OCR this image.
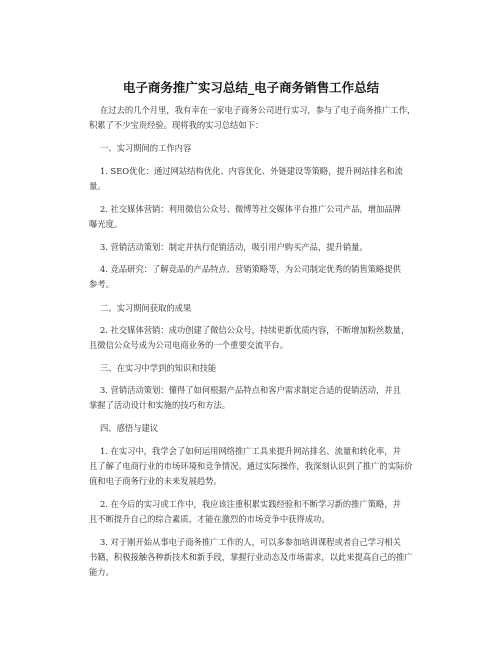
电子商务推广实习总结_电子商务销售工作总结
在过去的几个月里，我有幸在一家电子商务公司进行实习，参与了电子商务推广工作，
积累了不少宝贵经验。现将我的实习总结如下：
一、实习期间的工作内容
1. SEO优化：通过网站结构优化、内容优化、外链建设等策略，提升网站排名和流
量。
2. 社交媒体营销：利用微信公众号、微博等社交媒体平台推广公司产品，增加品牌
曝光度。
3. 营销活动策划：制定并执行促销活动，吸引用户购买产品，提升销量。
4. 竞品研究：了解竞品的产品特点、营销策略等，为公司制定优秀的销售策略提供
参考。
二、实习期间获取的成果
2. 社交媒体营销：成功创建了微信公众号，持续更新优质内容，不断增加粉丝数量，
且微信公众号成为公司电商业务的一个重要交流平台。
三、在实习中学到的知识和技能
3. 营销活动策划：懂得了如何根据产品特点和客户需求制定合适的促销活动，并且
掌握了活动设计和实施的技巧和方法。
四、感悟与建议
1. 在实习中，我学会了如何运用网络推广工具来提升网站排名、流量和转化率，并
且了解了电商行业的市场环境和竞争情况。通过实际操作，我深刻认识到了推广的实际价
值和电子商务行业的未来发展趋势。
2. 在今后的实习或工作中，我应该注重积累实践经验和不断学习新的推广策略，并
且不断提升自己的综合素质，才能在激烈的市场竞争中获得成功。
3. 对于刚开始从事电子商务推广工作的人，可以多参加培训课程或者自己学习相关
书籍，积极接触各种新技术和新手段，掌握行业动态及市场需求，以此来提高自己的推广
能力。
